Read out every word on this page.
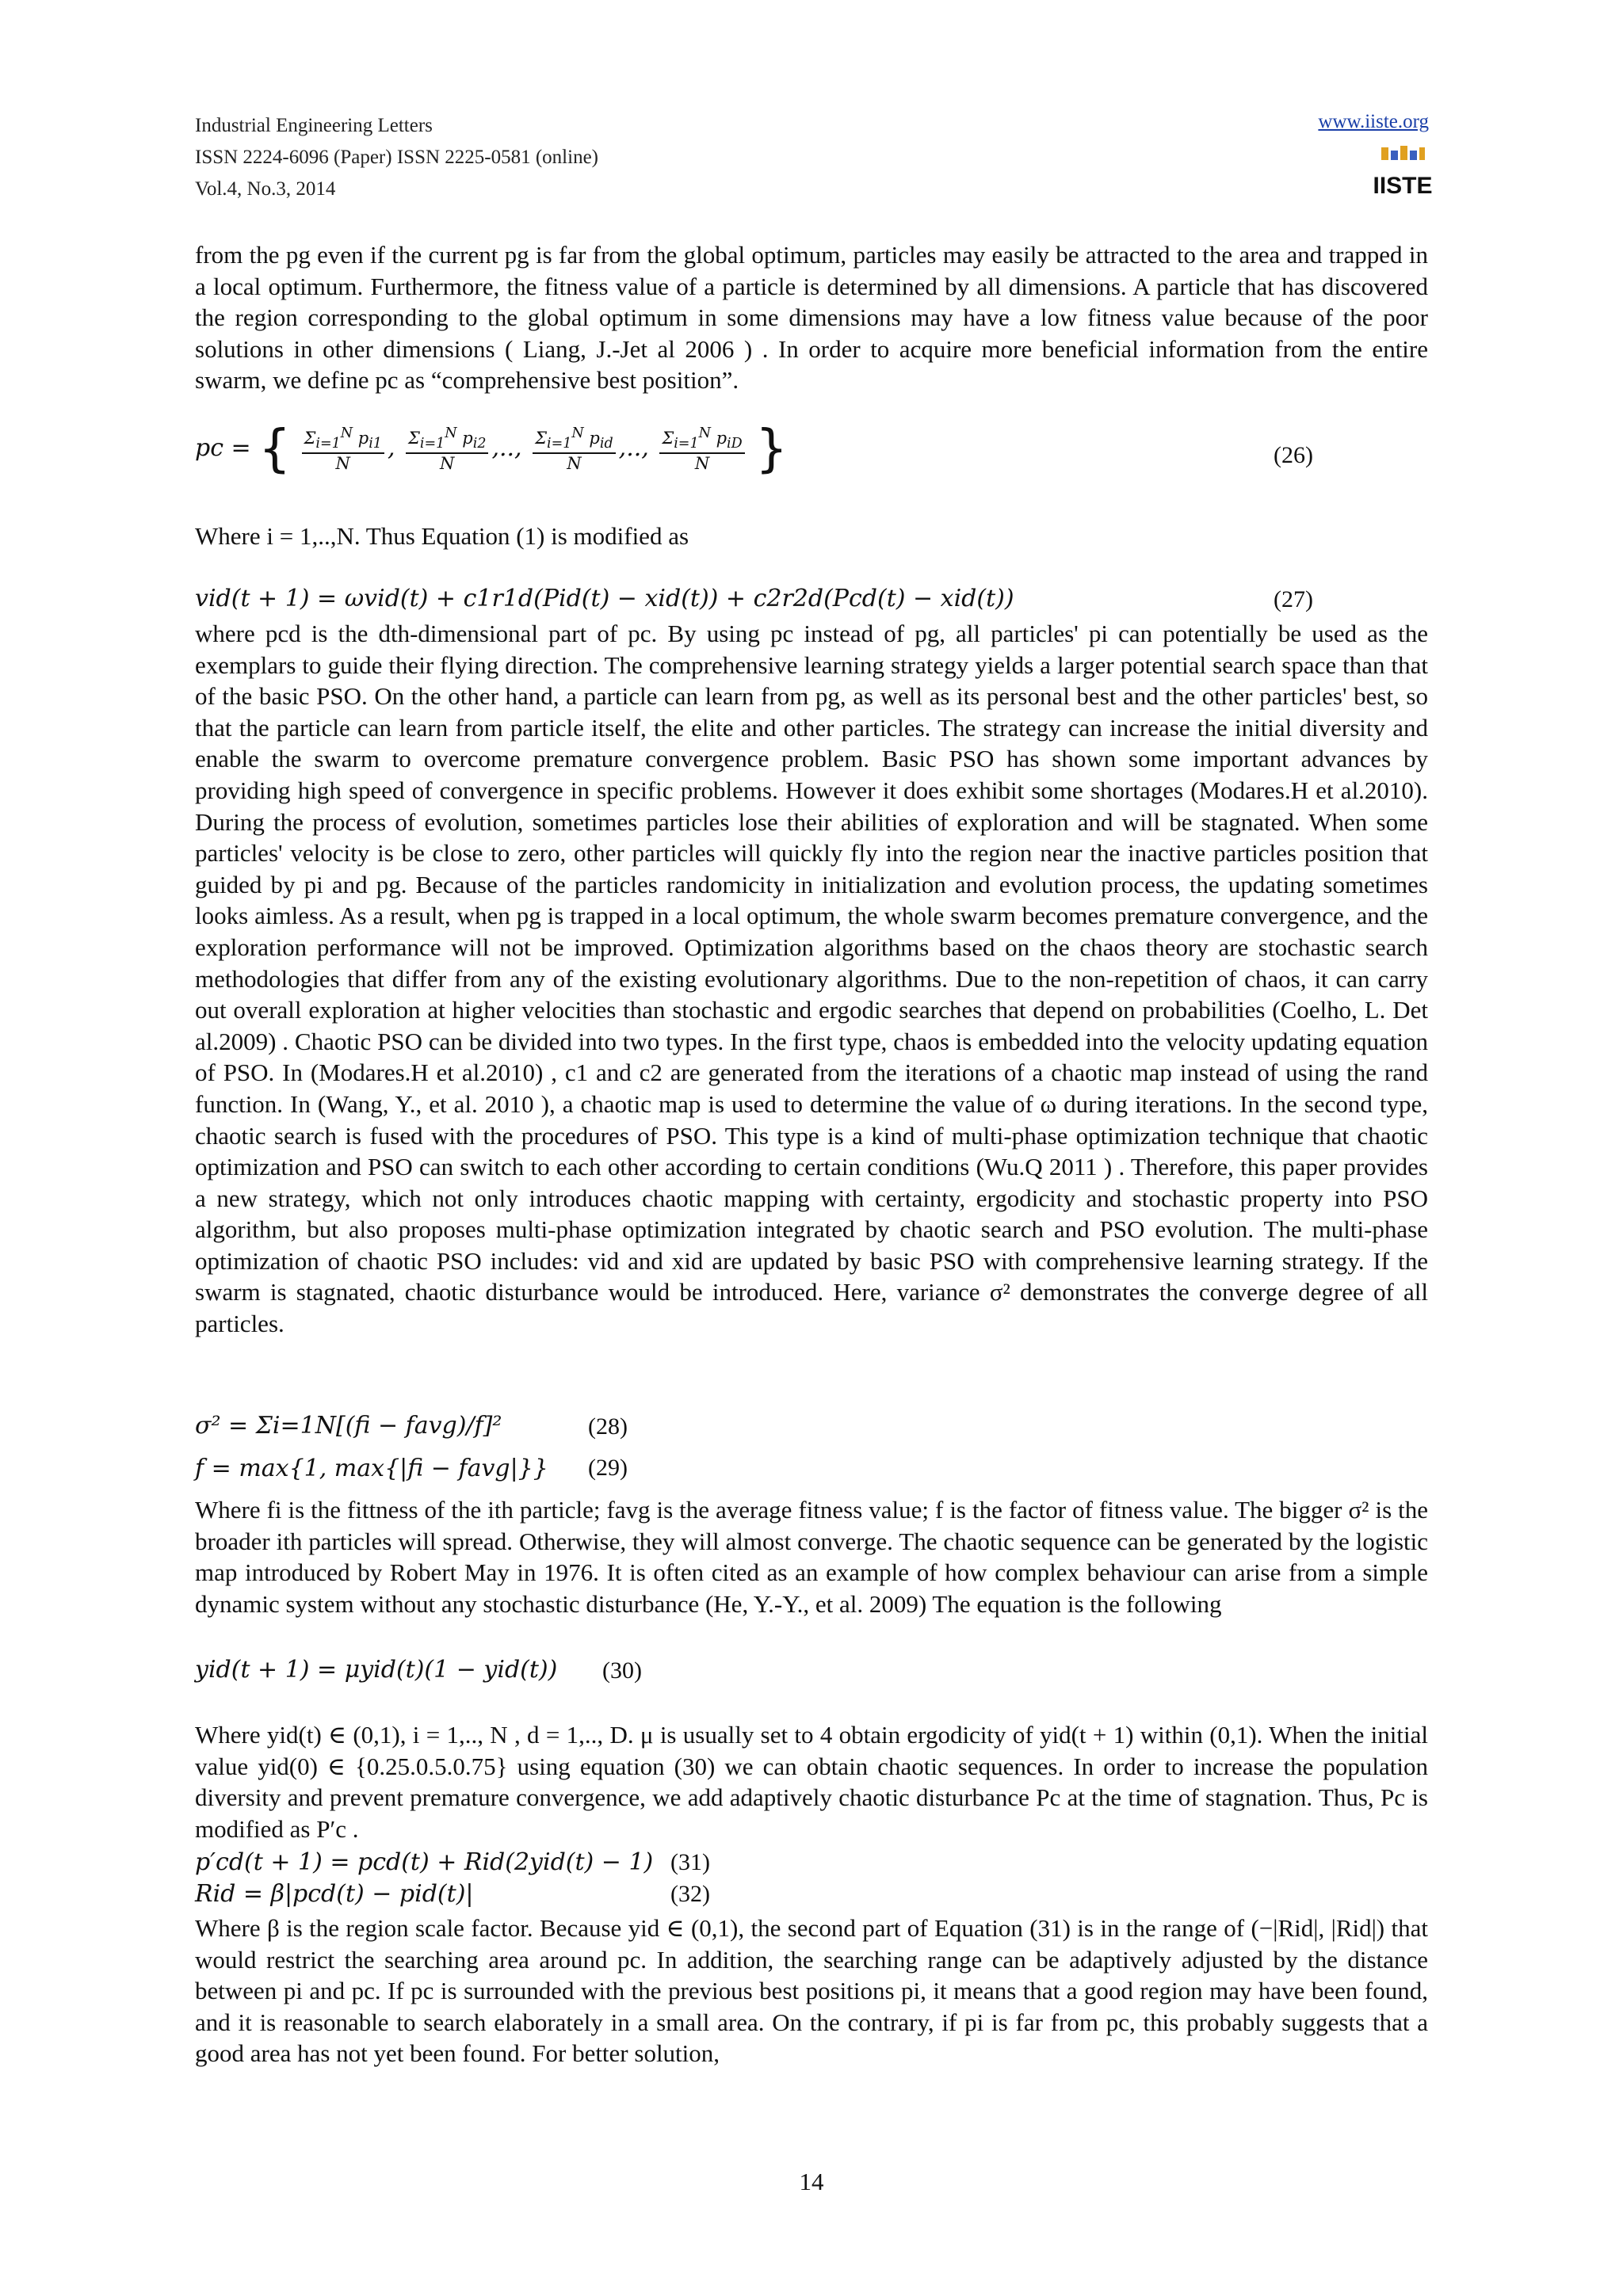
Industrial Engineering Letters
ISSN 2224-6096 (Paper) ISSN 2225-0581 (online)
Vol.4, No.3, 2014
www.iiste.org
IISTE

from the pg even if the current pg is far from the global optimum, particles may easily be attracted to the area and trapped in a local optimum. Furthermore, the fitness value of a particle is determined by all dimensions. A particle that has discovered the region corresponding to the global optimum in some dimensions may have a low fitness value because of the poor solutions in other dimensions ( Liang, J.-Jet al 2006 ) . In order to acquire more beneficial information from the entire swarm, we define pc as “comprehensive best position”.

pc = { $\frac{\Sigma_{i=1}^N p_{i1}}{N}$ , $\frac{\Sigma_{i=1}^N p_{i2}}{N}$ ,.., $\frac{\Sigma_{i=1}^N p_{id}}{N}$ ,.., $\frac{\Sigma_{i=1}^N p_{iD}}{N}$ }	(26)

Where i = 1,..,N. Thus Equation (1) is modified as

vid(t + 1) = ωvid(t) + c1r1d(Pid(t) − xid(t)) + c2r2d(Pcd(t) − xid(t))	(27)

where pcd is the dth-dimensional part of pc. By using pc instead of pg, all particles' pi can potentially be used as the exemplars to guide their flying direction. The comprehensive learning strategy yields a larger potential search space than that of the basic PSO. On the other hand, a particle can learn from pg, as well as its personal best and the other particles' best, so that the particle can learn from particle itself, the elite and other particles. The strategy can increase the initial diversity and enable the swarm to overcome premature convergence problem. Basic PSO has shown some important advances by providing high speed of convergence in specific problems. However it does exhibit some shortages (Modares.H et al.2010). During the process of evolution, sometimes particles lose their abilities of exploration and will be stagnated. When some particles' velocity is be close to zero, other particles will quickly fly into the region near the inactive particles position that guided by pi and pg. Because of the particles randomicity in initialization and evolution process, the updating sometimes looks aimless. As a result, when pg is trapped in a local optimum, the whole swarm becomes premature convergence, and the exploration performance will not be improved. Optimization algorithms based on the chaos theory are stochastic search methodologies that differ from any of the existing evolutionary algorithms. Due to the non-repetition of chaos, it can carry out overall exploration at higher velocities than stochastic and ergodic searches that depend on probabilities (Coelho, L. Det al.2009) . Chaotic PSO can be divided into two types. In the first type, chaos is embedded into the velocity updating equation of PSO. In (Modares.H et al.2010) , c1 and c2 are generated from the iterations of a chaotic map instead of using the rand function. In (Wang, Y., et al. 2010 ), a chaotic map is used to determine the value of ω during iterations. In the second type, chaotic search is fused with the procedures of PSO. This type is a kind of multi-phase optimization technique that chaotic optimization and PSO can switch to each other according to certain conditions (Wu.Q 2011 ) . Therefore, this paper provides a new strategy, which not only introduces chaotic mapping with certainty, ergodicity and stochastic property into PSO algorithm, but also proposes multi-phase optimization integrated by chaotic search and PSO evolution. The multi-phase optimization of chaotic PSO includes: vid and xid are updated by basic PSO with comprehensive learning strategy. If the swarm is stagnated, chaotic disturbance would be introduced. Here, variance σ² demonstrates the converge degree of all particles.

σ² = Σi=1N[(fi − favg)/f]²	(28)
f = max{1, max{|fi − favg|}} (29)

Where fi is the fittness of the ith particle; favg is the average fitness value; f is the factor of fitness value. The bigger σ² is the broader ith particles will spread. Otherwise, they will almost converge. The chaotic sequence can be generated by the logistic map introduced by Robert May in 1976. It is often cited as an example of how complex behaviour can arise from a simple dynamic system without any stochastic disturbance (He, Y.-Y., et al. 2009) The equation is the following

yid(t + 1) = μyid(t)(1 − yid(t)) (30)

Where yid(t) ∈ (0,1), i = 1,.., N , d = 1,.., D. μ is usually set to 4 obtain ergodicity of yid(t + 1) within (0,1). When the initial value yid(0) ∈ {0.25.0.5.0.75} using equation (30) we can obtain chaotic sequences. In order to increase the population diversity and prevent premature convergence, we add adaptively chaotic disturbance Pc at the time of stagnation. Thus, Pc is modified as P′c .

p′cd(t + 1) = pcd(t) + Rid(2yid(t) − 1) (31)
Rid = β|pcd(t) − pid(t)|	(32)

Where β is the region scale factor. Because yid ∈ (0,1), the second part of Equation (31) is in the range of (−|Rid|, |Rid|) that would restrict the searching area around pc. In addition, the searching range can be adaptively adjusted by the distance between pi and pc. If pc is surrounded with the previous best positions pi, it means that a good region may have been found, and it is reasonable to search elaborately in a small area. On the contrary, if pi is far from pc, this probably suggests that a good area has not yet been found. For better solution,

14
